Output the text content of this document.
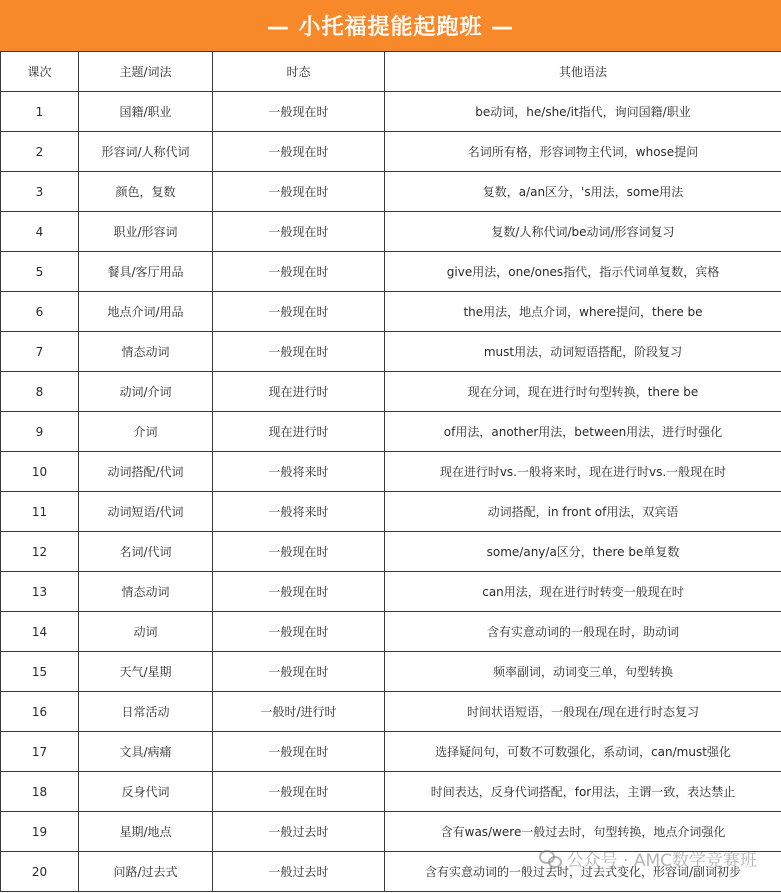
— 小托福提能起跑班 —
课次	主题/词法	时态	其他语法
1	国籍/职业	一般现在时	be动词，he/she/it指代，询问国籍/职业
2	形容词/人称代词	一般现在时	名词所有格，形容词物主代词，whose提问
3	颜色，复数	一般现在时	复数，a/an区分，'s用法，some用法
4	职业/形容词	一般现在时	复数/人称代词/be动词/形容词复习
5	餐具/客厅用品	一般现在时	give用法，one/ones指代，指示代词单复数，宾格
6	地点介词/用品	一般现在时	the用法，地点介词，where提问，there be
7	情态动词	一般现在时	must用法，动词短语搭配，阶段复习
8	动词/介词	现在进行时	现在分词，现在进行时句型转换，there be
9	介词	现在进行时	of用法，another用法，between用法，进行时强化
10	动词搭配/代词	一般将来时	现在进行时vs.一般将来时，现在进行时vs.一般现在时
11	动词短语/代词	一般将来时	动词搭配，in front of用法，双宾语
12	名词/代词	一般现在时	some/any/a区分，there be单复数
13	情态动词	一般现在时	can用法，现在进行时转变一般现在时
14	动词	一般现在时	含有实意动词的一般现在时，助动词
15	天气/星期	一般现在时	频率副词，动词变三单，句型转换
16	日常活动	一般时/进行时	时间状语短语，一般现在/现在进行时态复习
17	文具/病痛	一般现在时	选择疑问句，可数不可数强化，系动词，can/must强化
18	反身代词	一般现在时	时间表达，反身代词搭配，for用法，主谓一致，表达禁止
19	星期/地点	一般过去时	含有was/were一般过去时，句型转换，地点介词强化
20	问路/过去式	一般过去时	含有实意动词的一般过去时，过去式变化，形容词/副词初步
公众号 · AMC数学竞赛班
